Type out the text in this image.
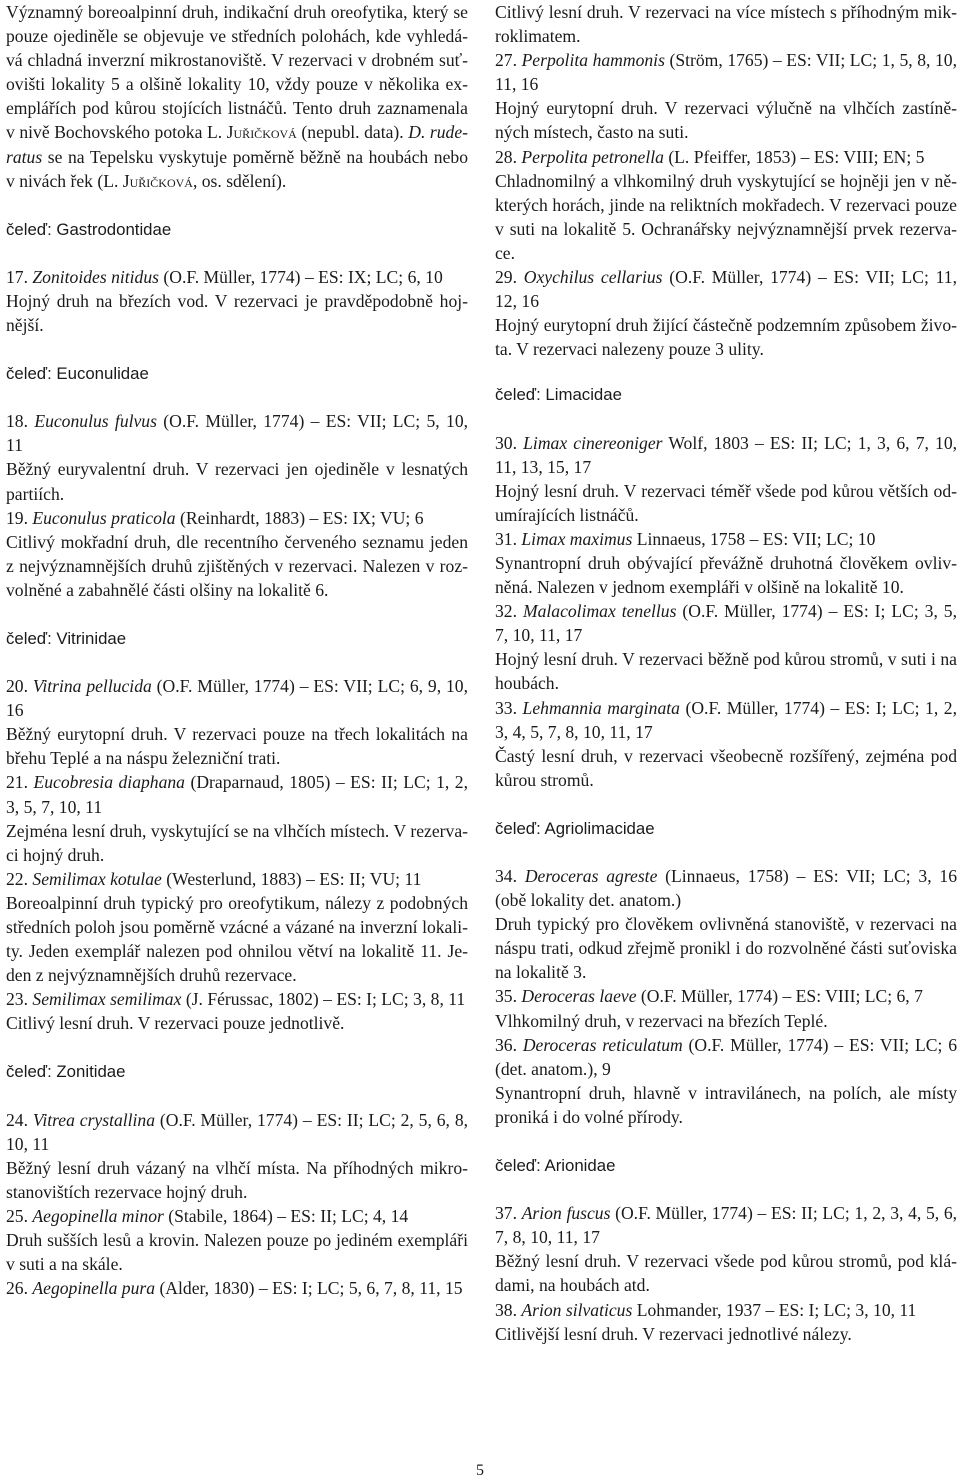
Významný boreoalpinní druh, indikační druh oreofytika, který se pouze ojediněle se objevuje ve středních polohách, kde vyhledává chladná inverzní mikrostanoviště. V rezervaci v drobném suťovišti lokality 5 a olšině lokality 10, vždy pouze v několika exemplářích pod kůrou stojících listnáčů. Tento druh zaznamenala v nivě Bochovského potoka L. Juřičková (nepubl. data). D. ruderatus se na Tepelsku vyskytuje poměrně běžně na houbách nebo v nivách řek (L. Juřičková, os. sdělení).

čeleď: Gastrodontidae

17. Zonitoides nitidus (O.F. Müller, 1774) – ES: IX; LC; 6, 10

Hojný druh na březích vod. V rezervaci je pravděpodobně hojnější.

čeleď: Euconulidae

18. Euconulus fulvus (O.F. Müller, 1774) – ES: VII; LC; 5, 10, 11

Běžný euryvalentní druh. V rezervaci jen ojediněle v lesnatých partiích.

19. Euconulus praticola (Reinhardt, 1883) – ES: IX; VU; 6

Citlivý mokřadní druh, dle recentního červeného seznamu jeden z nejvýznamnějších druhů zjištěných v rezervaci. Nalezen v rozvolněné a zabahnělé části olšiny na lokalitě 6.

čeleď: Vitrinidae

20. Vitrina pellucida (O.F. Müller, 1774) – ES: VII; LC; 6, 9, 10, 16

Běžný eurytopní druh. V rezervaci pouze na třech lokalitách na břehu Teplé a na náspu železniční trati.

21. Eucobresia diaphana (Draparnaud, 1805) – ES: II; LC; 1, 2, 3, 5, 7, 10, 11

Zejména lesní druh, vyskytující se na vlhčích místech. V rezervaci hojný druh.

22. Semilimax kotulae (Westerlund, 1883) – ES: II; VU; 11

Boreoalpinní druh typický pro oreofytikum, nálezy z podobných středních poloh jsou poměrně vzácné a vázané na inverzní lokality. Jeden exemplář nalezen pod ohnilou větví na lokalitě 11. Jeden z nejvýznamnějších druhů rezervace.

23. Semilimax semilimax (J. Férussac, 1802) – ES: I; LC; 3, 8, 11

Citlivý lesní druh. V rezervaci pouze jednotlivě.

čeleď: Zonitidae

24. Vitrea crystallina (O.F. Müller, 1774) – ES: II; LC; 2, 5, 6, 8, 10, 11

Běžný lesní druh vázaný na vlhčí místa. Na příhodných mikrostanovištích rezervace hojný druh.

25. Aegopinella minor (Stabile, 1864) – ES: II; LC; 4, 14

Druh sušších lesů a krovin. Nalezen pouze po jediném exempláři v suti a na skále.

26. Aegopinella pura (Alder, 1830) – ES: I; LC; 5, 6, 7, 8, 11, 15

Citlivý lesní druh. V rezervaci na více místech s příhodným mikroklimatem.

27. Perpolita hammonis (Ström, 1765) – ES: VII; LC; 1, 5, 8, 10, 11, 16

Hojný eurytopní druh. V rezervaci výlučně na vlhčích zastíněných místech, často na suti.

28. Perpolita petronella (L. Pfeiffer, 1853) – ES: VIII; EN; 5

Chladnomilný a vlhkomilný druh vyskytující se hojněji jen v některých horách, jinde na reliktních mokřadech. V rezervaci pouze v suti na lokalitě 5. Ochranářsky nejvýznamnější prvek rezervace.

29. Oxychilus cellarius (O.F. Müller, 1774) – ES: VII; LC; 11, 12, 16

Hojný eurytopní druh žijící částečně podzemním způsobem života. V rezervaci nalezeny pouze 3 ulity.

čeleď: Limacidae

30. Limax cinereoniger Wolf, 1803 – ES: II; LC; 1, 3, 6, 7, 10, 11, 13, 15, 17

Hojný lesní druh. V rezervaci téměř všede pod kůrou větších odumírajících listnáčů.

31. Limax maximus Linnaeus, 1758 – ES: VII; LC; 10

Synantropní druh obývající převážně druhotná člověkem ovlivněná. Nalezen v jednom exempláři v olšině na lokalitě 10.

32. Malacolimax tenellus (O.F. Müller, 1774) – ES: I; LC; 3, 5, 7, 10, 11, 17

Hojný lesní druh. V rezervaci běžně pod kůrou stromů, v suti i na houbách.

33. Lehmannia marginata (O.F. Müller, 1774) – ES: I; LC; 1, 2, 3, 4, 5, 7, 8, 10, 11, 17

Častý lesní druh, v rezervaci všeobecně rozšířený, zejména pod kůrou stromů.

čeleď: Agriolimacidae

34. Deroceras agreste (Linnaeus, 1758) – ES: VII; LC; 3, 16 (obě lokality det. anatom.)

Druh typický pro člověkem ovlivněná stanoviště, v rezervaci na náspu trati, odkud zřejmě pronikl i do rozvolněné části suťoviska na lokalitě 3.

35. Deroceras laeve (O.F. Müller, 1774) – ES: VIII; LC; 6, 7

Vlhkomilný druh, v rezervaci na březích Teplé.

36. Deroceras reticulatum (O.F. Müller, 1774) – ES: VII; LC; 6 (det. anatom.), 9

Synantropní druh, hlavně v intravilánech, na polích, ale místy proniká i do volné přírody.

čeleď: Arionidae

37. Arion fuscus (O.F. Müller, 1774) – ES: II; LC; 1, 2, 3, 4, 5, 6, 7, 8, 10, 11, 17

Běžný lesní druh. V rezervaci všede pod kůrou stromů, pod kládami, na houbách atd.

38. Arion silvaticus Lohmander, 1937 – ES: I; LC; 3, 10, 11

Citlivější lesní druh. V rezervaci jednotlivé nálezy.

5
